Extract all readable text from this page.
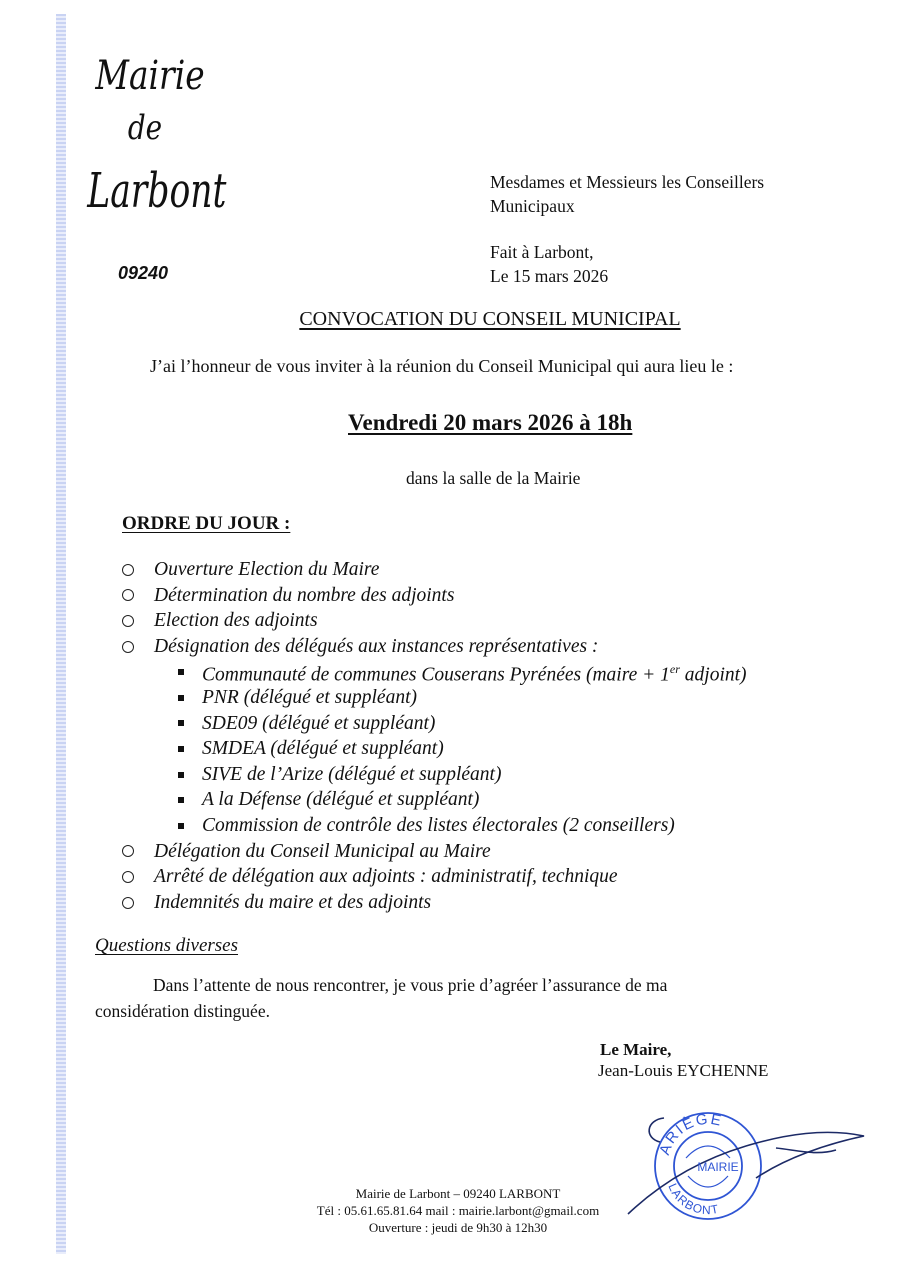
Mairie
de
Larbont
09240
Mesdames et Messieurs les Conseillers
Municipaux
Fait à Larbont,
Le 15 mars 2026
CONVOCATION DU CONSEIL MUNICIPAL
J’ai l’honneur de vous inviter à la réunion du Conseil Municipal qui aura lieu le :
Vendredi 20 mars 2026 à 18h
dans la salle de la Mairie
ORDRE DU JOUR :
Ouverture Election du Maire
Détermination du nombre des adjoints
Election des adjoints
Désignation des délégués aux instances représentatives :
Communauté de communes Couserans Pyrénées (maire + 1er adjoint)
PNR (délégué et suppléant)
SDE09 (délégué et suppléant)
SMDEA (délégué et suppléant)
SIVE de l’Arize (délégué et suppléant)
A la Défense (délégué et suppléant)
Commission de contrôle des listes électorales (2 conseillers)
Délégation du Conseil Municipal au Maire
Arrêté de délégation aux adjoints : administratif, technique
Indemnités du maire et des adjoints
Questions diverses
Dans l’attente de nous rencontrer, je vous prie d’agréer l’assurance de ma considération distinguée.
Le Maire,
Jean-Louis EYCHENNE
ARIÈGE
MAIRIE
LARBONT
Mairie de Larbont – 09240 LARBONT
Tél : 05.61.65.81.64 mail : mairie.larbont@gmail.com
Ouverture : jeudi de 9h30 à 12h30
